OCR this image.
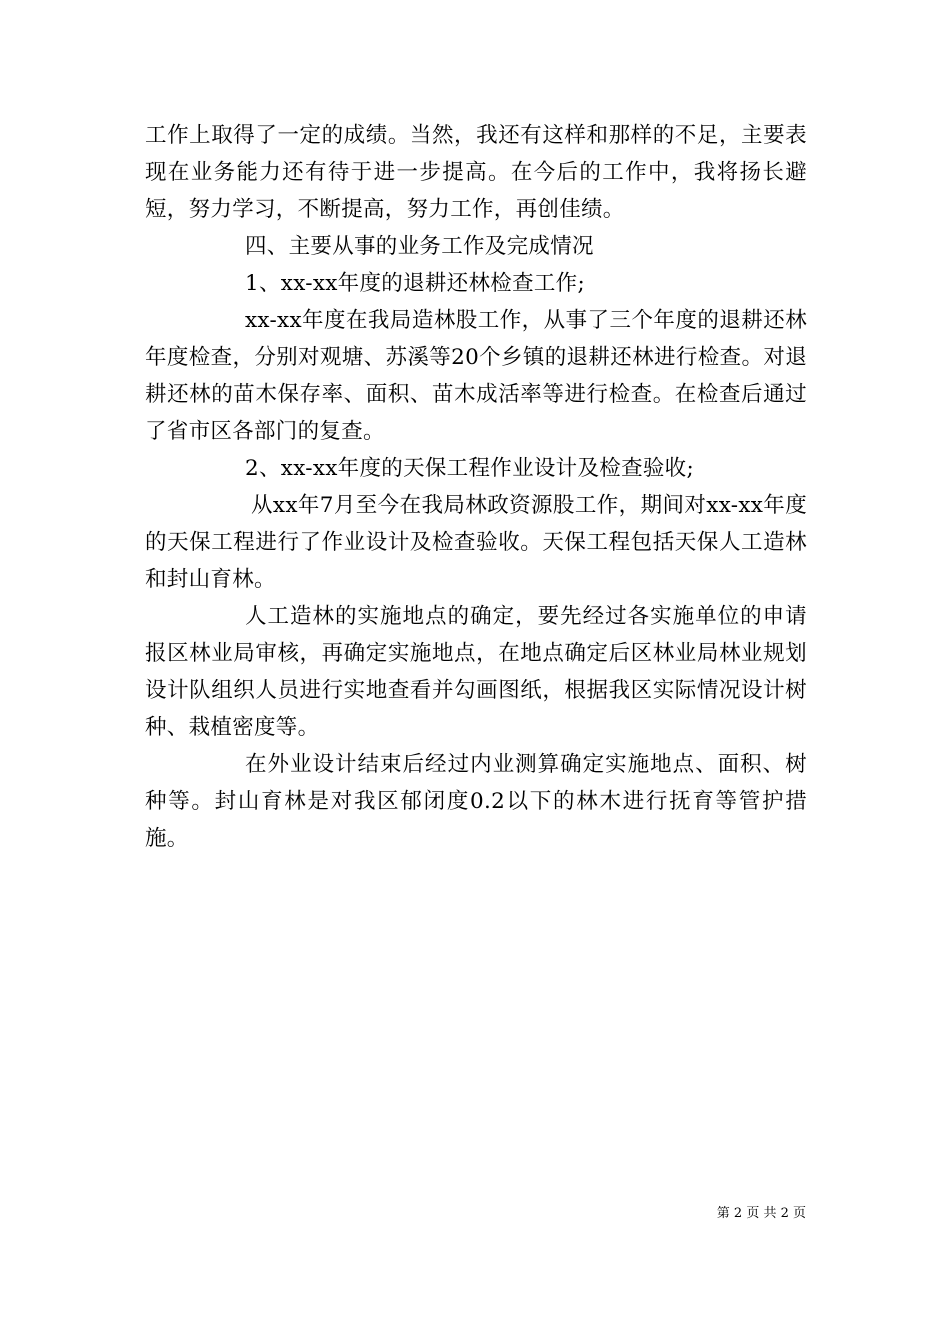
工作上取得了一定的成绩。当然，我还有这样和那样的不足，主要表现在业务能力还有待于进一步提高。在今后的工作中，我将扬长避短，努力学习，不断提高，努力工作，再创佳绩。

四、主要从事的业务工作及完成情况

1、xx-xx年度的退耕还林检查工作;

xx-xx年度在我局造林股工作，从事了三个年度的退耕还林年度检查，分别对观塘、苏溪等20个乡镇的退耕还林进行检查。对退耕还林的苗木保存率、面积、苗木成活率等进行检查。在检查后通过了省市区各部门的复查。

2、xx-xx年度的天保工程作业设计及检查验收;

从xx年7月至今在我局林政资源股工作，期间对xx-xx年度的天保工程进行了作业设计及检查验收。天保工程包括天保人工造林和封山育林。

人工造林的实施地点的确定，要先经过各实施单位的申请报区林业局审核，再确定实施地点，在地点确定后区林业局林业规划设计队组织人员进行实地查看并勾画图纸，根据我区实际情况设计树种、栽植密度等。

在外业设计结束后经过内业测算确定实施地点、面积、树种等。封山育林是对我区郁闭度0.2以下的林木进行抚育等管护措施。

第 2 页 共 2 页
